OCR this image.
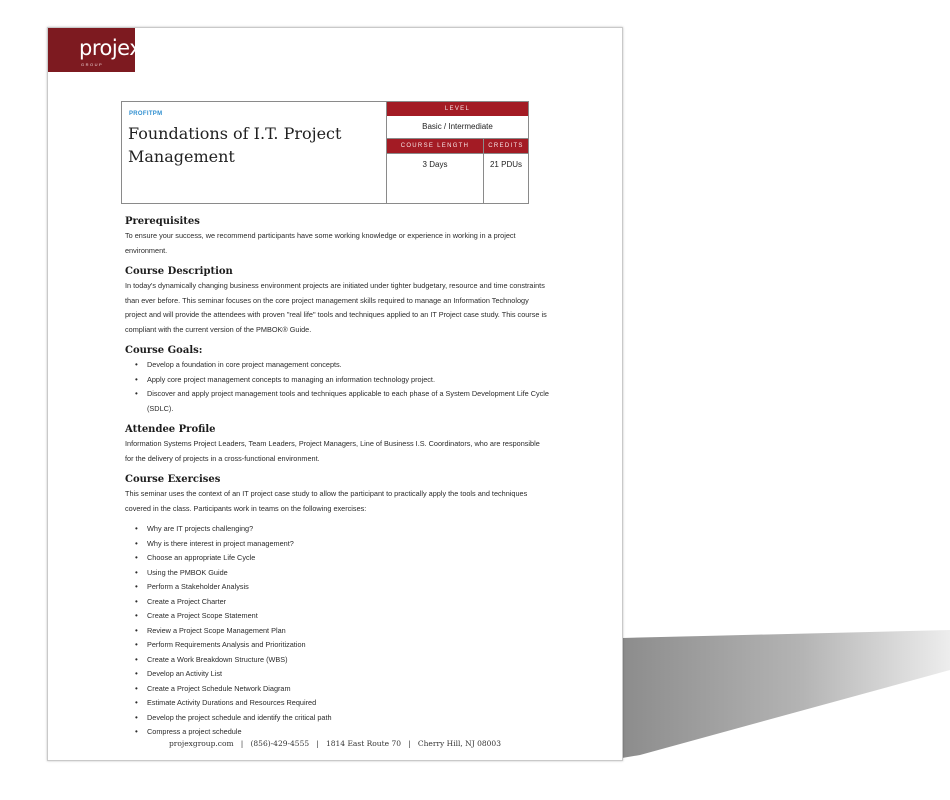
projex
GROUP
PROFITPM
Foundations of I.T. Project Management
LEVEL
Basic / Intermediate
COURSE LENGTH	CREDITS
3 Days	21 PDUs
Prerequisites

To ensure your success, we recommend participants have some working knowledge or experience in working in a project environment.

Course Description

In today's dynamically changing business environment projects are initiated under tighter budgetary, resource and time constraints than ever before. This seminar focuses on the core project management skills required to manage an Information Technology project and will provide the attendees with proven "real life" tools and techniques applied to an IT Project case study. This course is compliant with the current version of the PMBOK® Guide.

Course Goals:
• Develop a foundation in core project management concepts.
• Apply core project management concepts to managing an information technology project.
• Discover and apply project management tools and techniques applicable to each phase of a System Development Life Cycle (SDLC).
Attendee Profile

Information Systems Project Leaders, Team Leaders, Project Managers, Line of Business I.S. Coordinators, who are responsible for the delivery of projects in a cross-functional environment.

Course Exercises

This seminar uses the context of an IT project case study to allow the participant to practically apply the tools and techniques covered in the class. Participants work in teams on the following exercises:

• Why are IT projects challenging?
• Why is there interest in project management?
• Choose an appropriate Life Cycle
• Using the PMBOK Guide
• Perform a Stakeholder Analysis
• Create a Project Charter
• Create a Project Scope Statement
• Review a Project Scope Management Plan
• Perform Requirements Analysis and Prioritization
• Create a Work Breakdown Structure (WBS)
• Develop an Activity List
• Create a Project Schedule Network Diagram
• Estimate Activity Durations and Resources Required
• Develop the project schedule and identify the critical path
• Compress a project schedule
projexgroup.com | (856)-429-4555 | 1814 East Route 70 | Cherry Hill, NJ 08003
